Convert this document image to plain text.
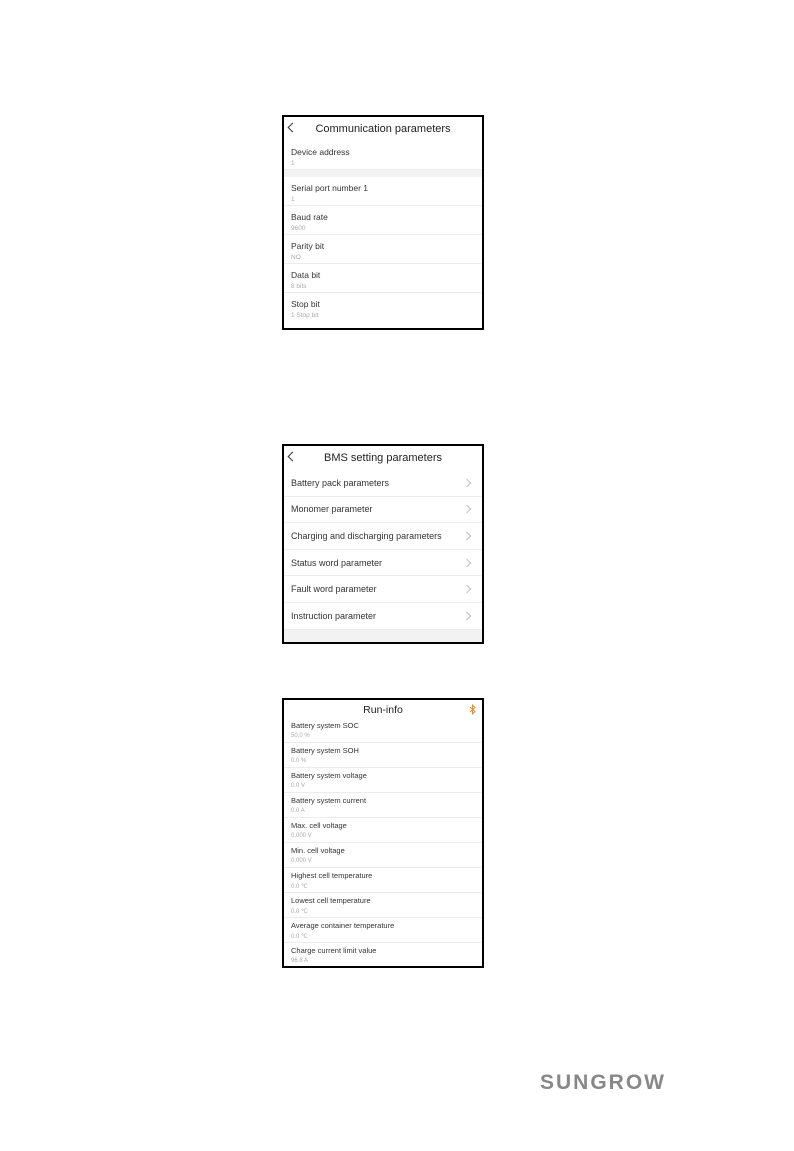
Communication parameters
Device address
1
Serial port number 1
1
Baud rate
9600
Parity bit
NO
Data bit
8 bits
Stop bit
1 Stop bit
BMS setting parameters
Battery pack parameters
Monomer parameter
Charging and discharging parameters
Status word parameter
Fault word parameter
Instruction parameter
Run-info
Battery system SOC
50.0 %
Battery system SOH
0.0 %
Battery system voltage
0.0 V
Battery system current
0.0 A
Max. cell voltage
0.000 V
Min. cell voltage
0.000 V
Highest cell temperature
0.0 ℃
Lowest cell temperature
0.0 ℃
Average container temperature
0.0 ℃
Charge current limit value
96.8 A
SUNGROW
